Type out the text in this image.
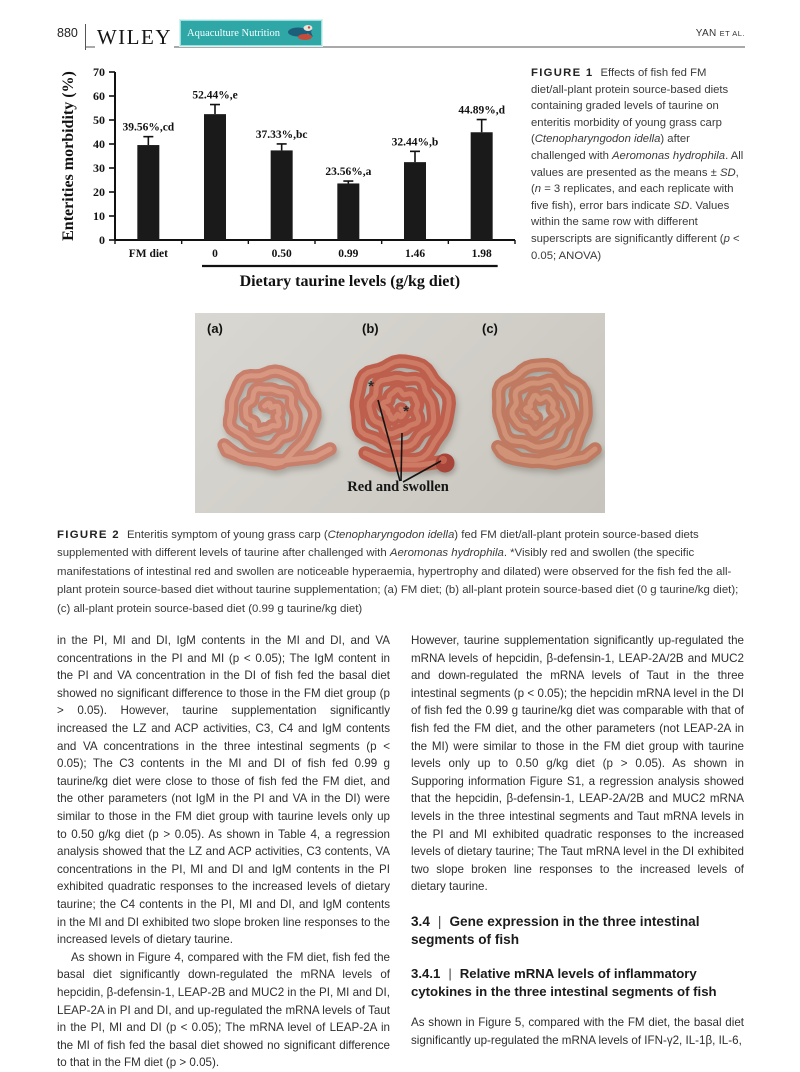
880 WILEY Aquaculture Nutrition	YAN ET AL.
0
10
20
30
40
50
60
70
39.56%,cd
FM diet
52.44%,e
0
37.33%,bc
0.50
23.56%,a
0.99
32.44%,b
1.46
44.89%,d
1.98
Dietary taurine levels (g/kg diet)
Enterities morbidity (%)	FIGURE 1 Effects of fish fed FM diet/all-plant protein source-based diets containing graded levels of taurine on enteritis morbidity of young grass carp (Ctenopharyngodon idella) after challenged with Aeromonas hydrophila. All values are presented as the means ± SD, (n = 3 replicates, and each replicate with five fish), error bars indicate SD. Values within the same row with different superscripts are significantly different (p < 0.05; ANOVA)
*
*
(a)	(b)	(c)
Red and swollen
FIGURE 2 Enteritis symptom of young grass carp (Ctenopharyngodon idella) fed FM diet/all-plant protein source-based diets supplemented with different levels of taurine after challenged with Aeromonas hydrophila. *Visibly red and swollen (the specific manifestations of intestinal red and swollen are noticeable hyperaemia, hypertrophy and dilated) were observed for the fish fed the all-plant protein source-based diet without taurine supplementation; (a) FM diet; (b) all-plant protein source-based diet (0 g taurine/kg diet); (c) all-plant protein source-based diet (0.99 g taurine/kg diet)

in the PI, MI and DI, IgM contents in the MI and DI, and VA concentrations in the PI and MI (p < 0.05); The IgM content in the PI and VA concentration in the DI of fish fed the basal diet showed no significant difference to those in the FM diet group (p > 0.05). However, taurine supplementation significantly increased the LZ and ACP activities, C3, C4 and IgM contents and VA concentrations in the three intestinal segments (p < 0.05); The C3 contents in the MI and DI of fish fed 0.99 g taurine/kg diet were close to those of fish fed the FM diet, and the other parameters (not IgM in the PI and VA in the DI) were similar to those in the FM diet group with taurine levels only up to 0.50 g/kg diet (p > 0.05). As shown in Table 4, a regression analysis showed that the LZ and ACP activities, C3 contents, VA concentrations in the PI, MI and DI and IgM contents in the PI exhibited quadratic responses to the increased levels of dietary taurine; the C4 contents in the PI, MI and DI, and IgM contents in the MI and DI exhibited two slope broken line responses to the increased levels of dietary taurine.

As shown in Figure 4, compared with the FM diet, fish fed the basal diet significantly down-regulated the mRNA levels of hepcidin, β-defensin-1, LEAP-2B and MUC2 in the PI, MI and DI, LEAP-2A in PI and DI, and up-regulated the mRNA levels of Taut in the PI, MI and DI (p < 0.05); The mRNA level of LEAP-2A in the MI of fish fed the basal diet showed no significant difference to that in the FM diet (p > 0.05).

However, taurine supplementation significantly up-regulated the mRNA levels of hepcidin, β-defensin-1, LEAP-2A/2B and MUC2 and down-regulated the mRNA levels of Taut in the three intestinal segments (p < 0.05); the hepcidin mRNA level in the DI of fish fed the 0.99 g taurine/kg diet was comparable with that of fish fed the FM diet, and the other parameters (not LEAP-2A in the MI) were similar to those in the FM diet group with taurine levels only up to 0.50 g/kg diet (p > 0.05). As shown in Supporing information Figure S1, a regression analysis showed that the hepcidin, β-defensin-1, LEAP-2A/2B and MUC2 mRNA levels in the three intestinal segments and Taut mRNA levels in the PI and MI exhibited quadratic responses to the increased levels of dietary taurine; The Taut mRNA level in the DI exhibited two slope broken line responses to the increased levels of dietary taurine.

3.4 | Gene expression in the three intestinal segments of fish
3.4.1 | Relative mRNA levels of inflammatory cytokines in the three intestinal segments of fish

As shown in Figure 5, compared with the FM diet, the basal diet significantly up-regulated the mRNA levels of IFN-γ2, IL-1β, IL-6,
